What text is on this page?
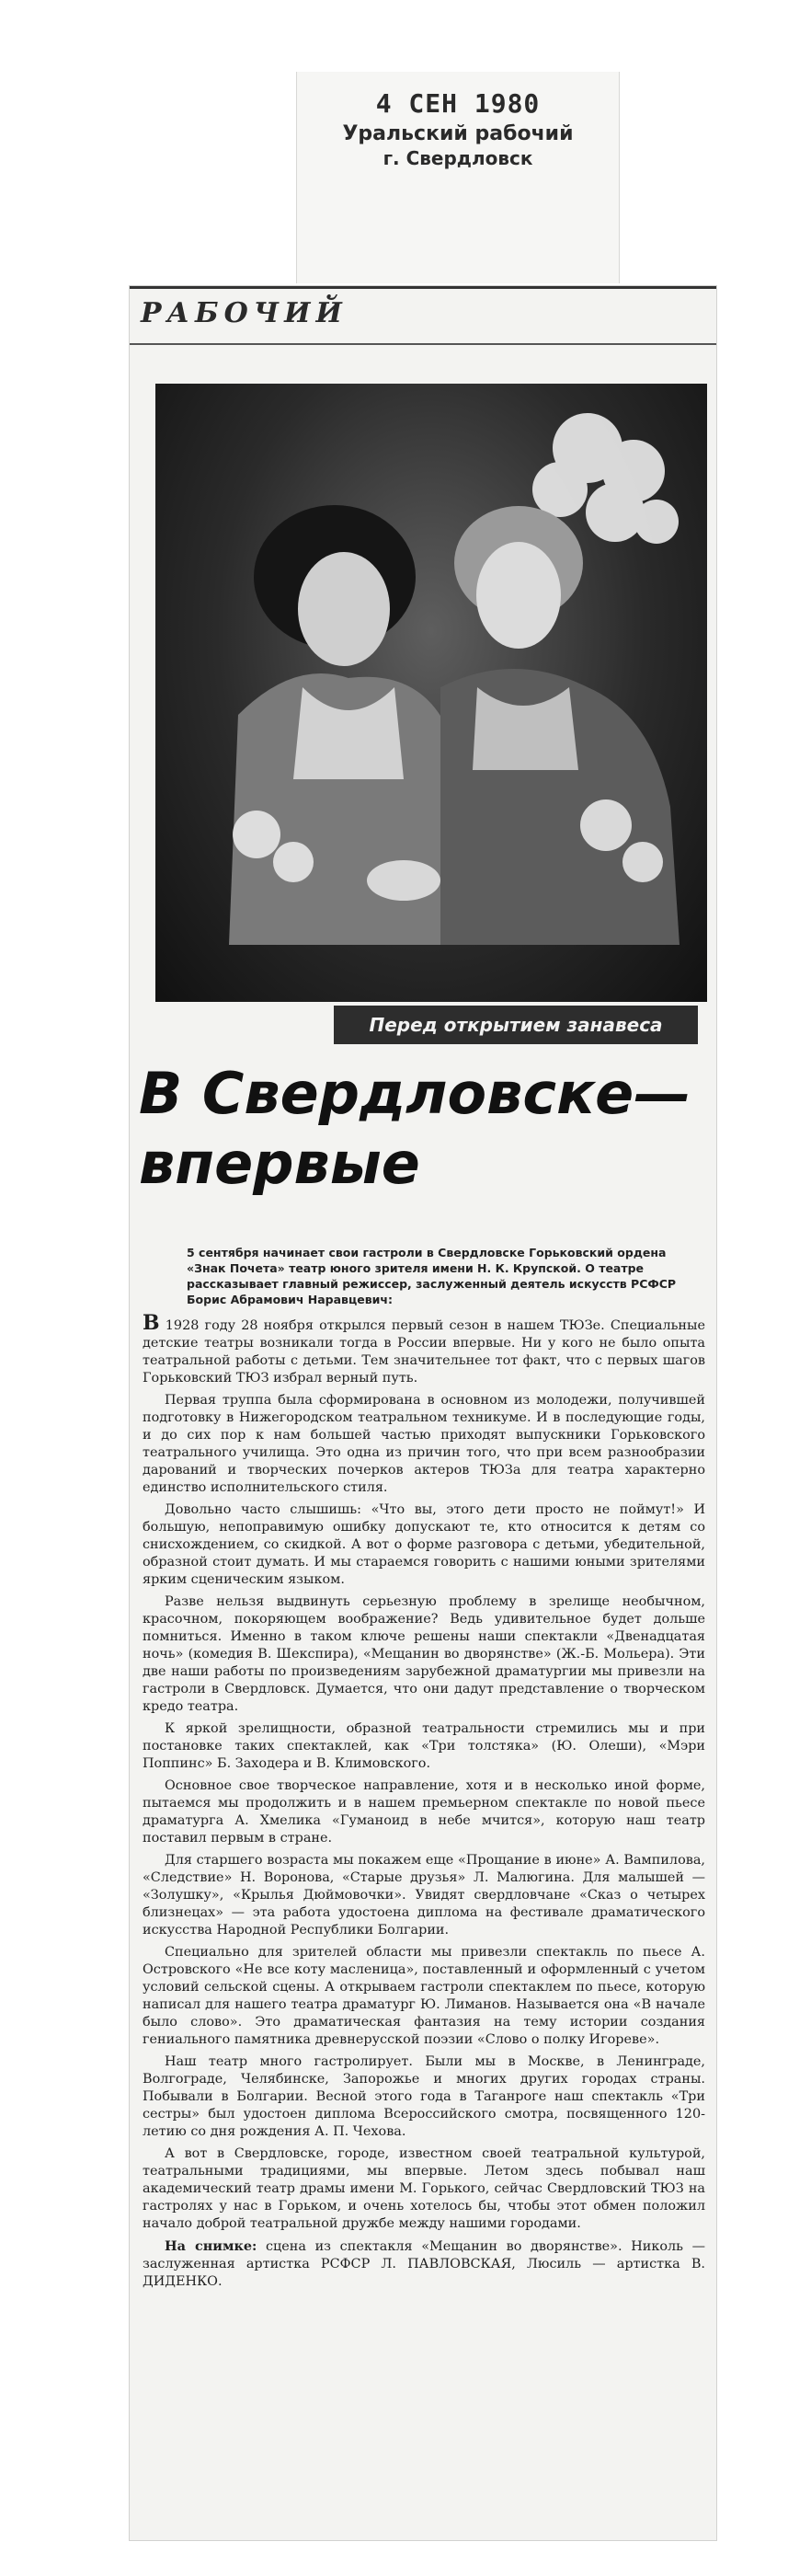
4 СЕН 1980
Уральский рабочий
г. Свердловск
РАБОЧИЙ
Перед открытием занавеса
В Свердловске—
впервые

5 сентября начинает свои гастроли в Свердловске Горьковский ордена «Знак Почета» театр юного зрителя имени Н. К. Крупской. О театре рассказывает главный режиссер, заслуженный деятель искусств РСФСР Борис Абрамович Наравцевич:

В 1928 году 28 ноября открылся первый сезон в нашем ТЮЗе. Специальные детские театры возникали тогда в России впервые. Ни у кого не было опыта театральной работы с детьми. Тем значительнее тот факт, что с первых шагов Горьковский ТЮЗ избрал верный путь.

Первая труппа была сформирована в основном из молодежи, получившей подготовку в Нижегородском театральном техникуме. И в последующие годы, и до сих пор к нам большей частью приходят выпускники Горьковского театрального училища. Это одна из причин того, что при всем разнообразии дарований и творческих почерков актеров ТЮЗа для театра характерно единство исполнительского стиля.

Довольно часто слышишь: «Что вы, этого дети просто не поймут!» И большую, непоправимую ошибку допускают те, кто относится к детям со снисхождением, со скидкой. А вот о форме разговора с детьми, убедительной, образной стоит думать. И мы стараемся говорить с нашими юными зрителями ярким сценическим языком.

Разве нельзя выдвинуть серьезную проблему в зрелище необычном, красочном, покоряющем воображение? Ведь удивительное будет дольше помниться. Именно в таком ключе решены наши спектакли «Двенадцатая ночь» (комедия В. Шекспира), «Мещанин во дворянстве» (Ж.-Б. Мольера). Эти две наши работы по произведениям зарубежной драматургии мы привезли на гастроли в Свердловск. Думается, что они дадут представление о творческом кредо театра.

К яркой зрелищности, образной театральности стремились мы и при постановке таких спектаклей, как «Три толстяка» (Ю. Олеши), «Мэри Поппинс» Б. Заходера и В. Климовского.

Основное свое творческое направление, хотя и в несколько иной форме, пытаемся мы продолжить и в нашем премьерном спектакле по новой пьесе драматурга А. Хмелика «Гуманоид в небе мчится», которую наш театр поставил первым в стране.

Для старшего возраста мы покажем еще «Прощание в июне» А. Вампилова, «Следствие» Н. Воронова, «Старые друзья» Л. Малюгина. Для малышей — «Золушку», «Крылья Дюймовочки». Увидят свердловчане «Сказ о четырех близнецах» — эта работа удостоена диплома на фестивале драматического искусства Народной Республики Болгарии.

Специально для зрителей области мы привезли спектакль по пьесе А. Островского «Не все коту масленица», поставленный и оформленный с учетом условий сельской сцены. А открываем гастроли спектаклем по пьесе, которую написал для нашего театра драматург Ю. Лиманов. Называется она «В начале было слово». Это драматическая фантазия на тему истории создания гениального памятника древнерусской поэзии «Слово о полку Игореве».

Наш театр много гастролирует. Были мы в Москве, в Ленинграде, Волгограде, Челябинске, Запорожье и многих других городах страны. Побывали в Болгарии. Весной этого года в Таганроге наш спектакль «Три сестры» был удостоен диплома Всероссийского смотра, посвященного 120-летию со дня рождения А. П. Чехова.

А вот в Свердловске, городе, известном своей театральной культурой, театральными традициями, мы впервые. Летом здесь побывал наш академический театр драмы имени М. Горького, сейчас Свердловский ТЮЗ на гастролях у нас в Горьком, и очень хотелось бы, чтобы этот обмен положил начало доброй театральной дружбе между нашими городами.

На снимке: сцена из спектакля «Мещанин во дворянстве». Николь — заслуженная артистка РСФСР Л. ПАВЛОВСКАЯ, Люсиль — артистка В. ДИДЕНКО.
